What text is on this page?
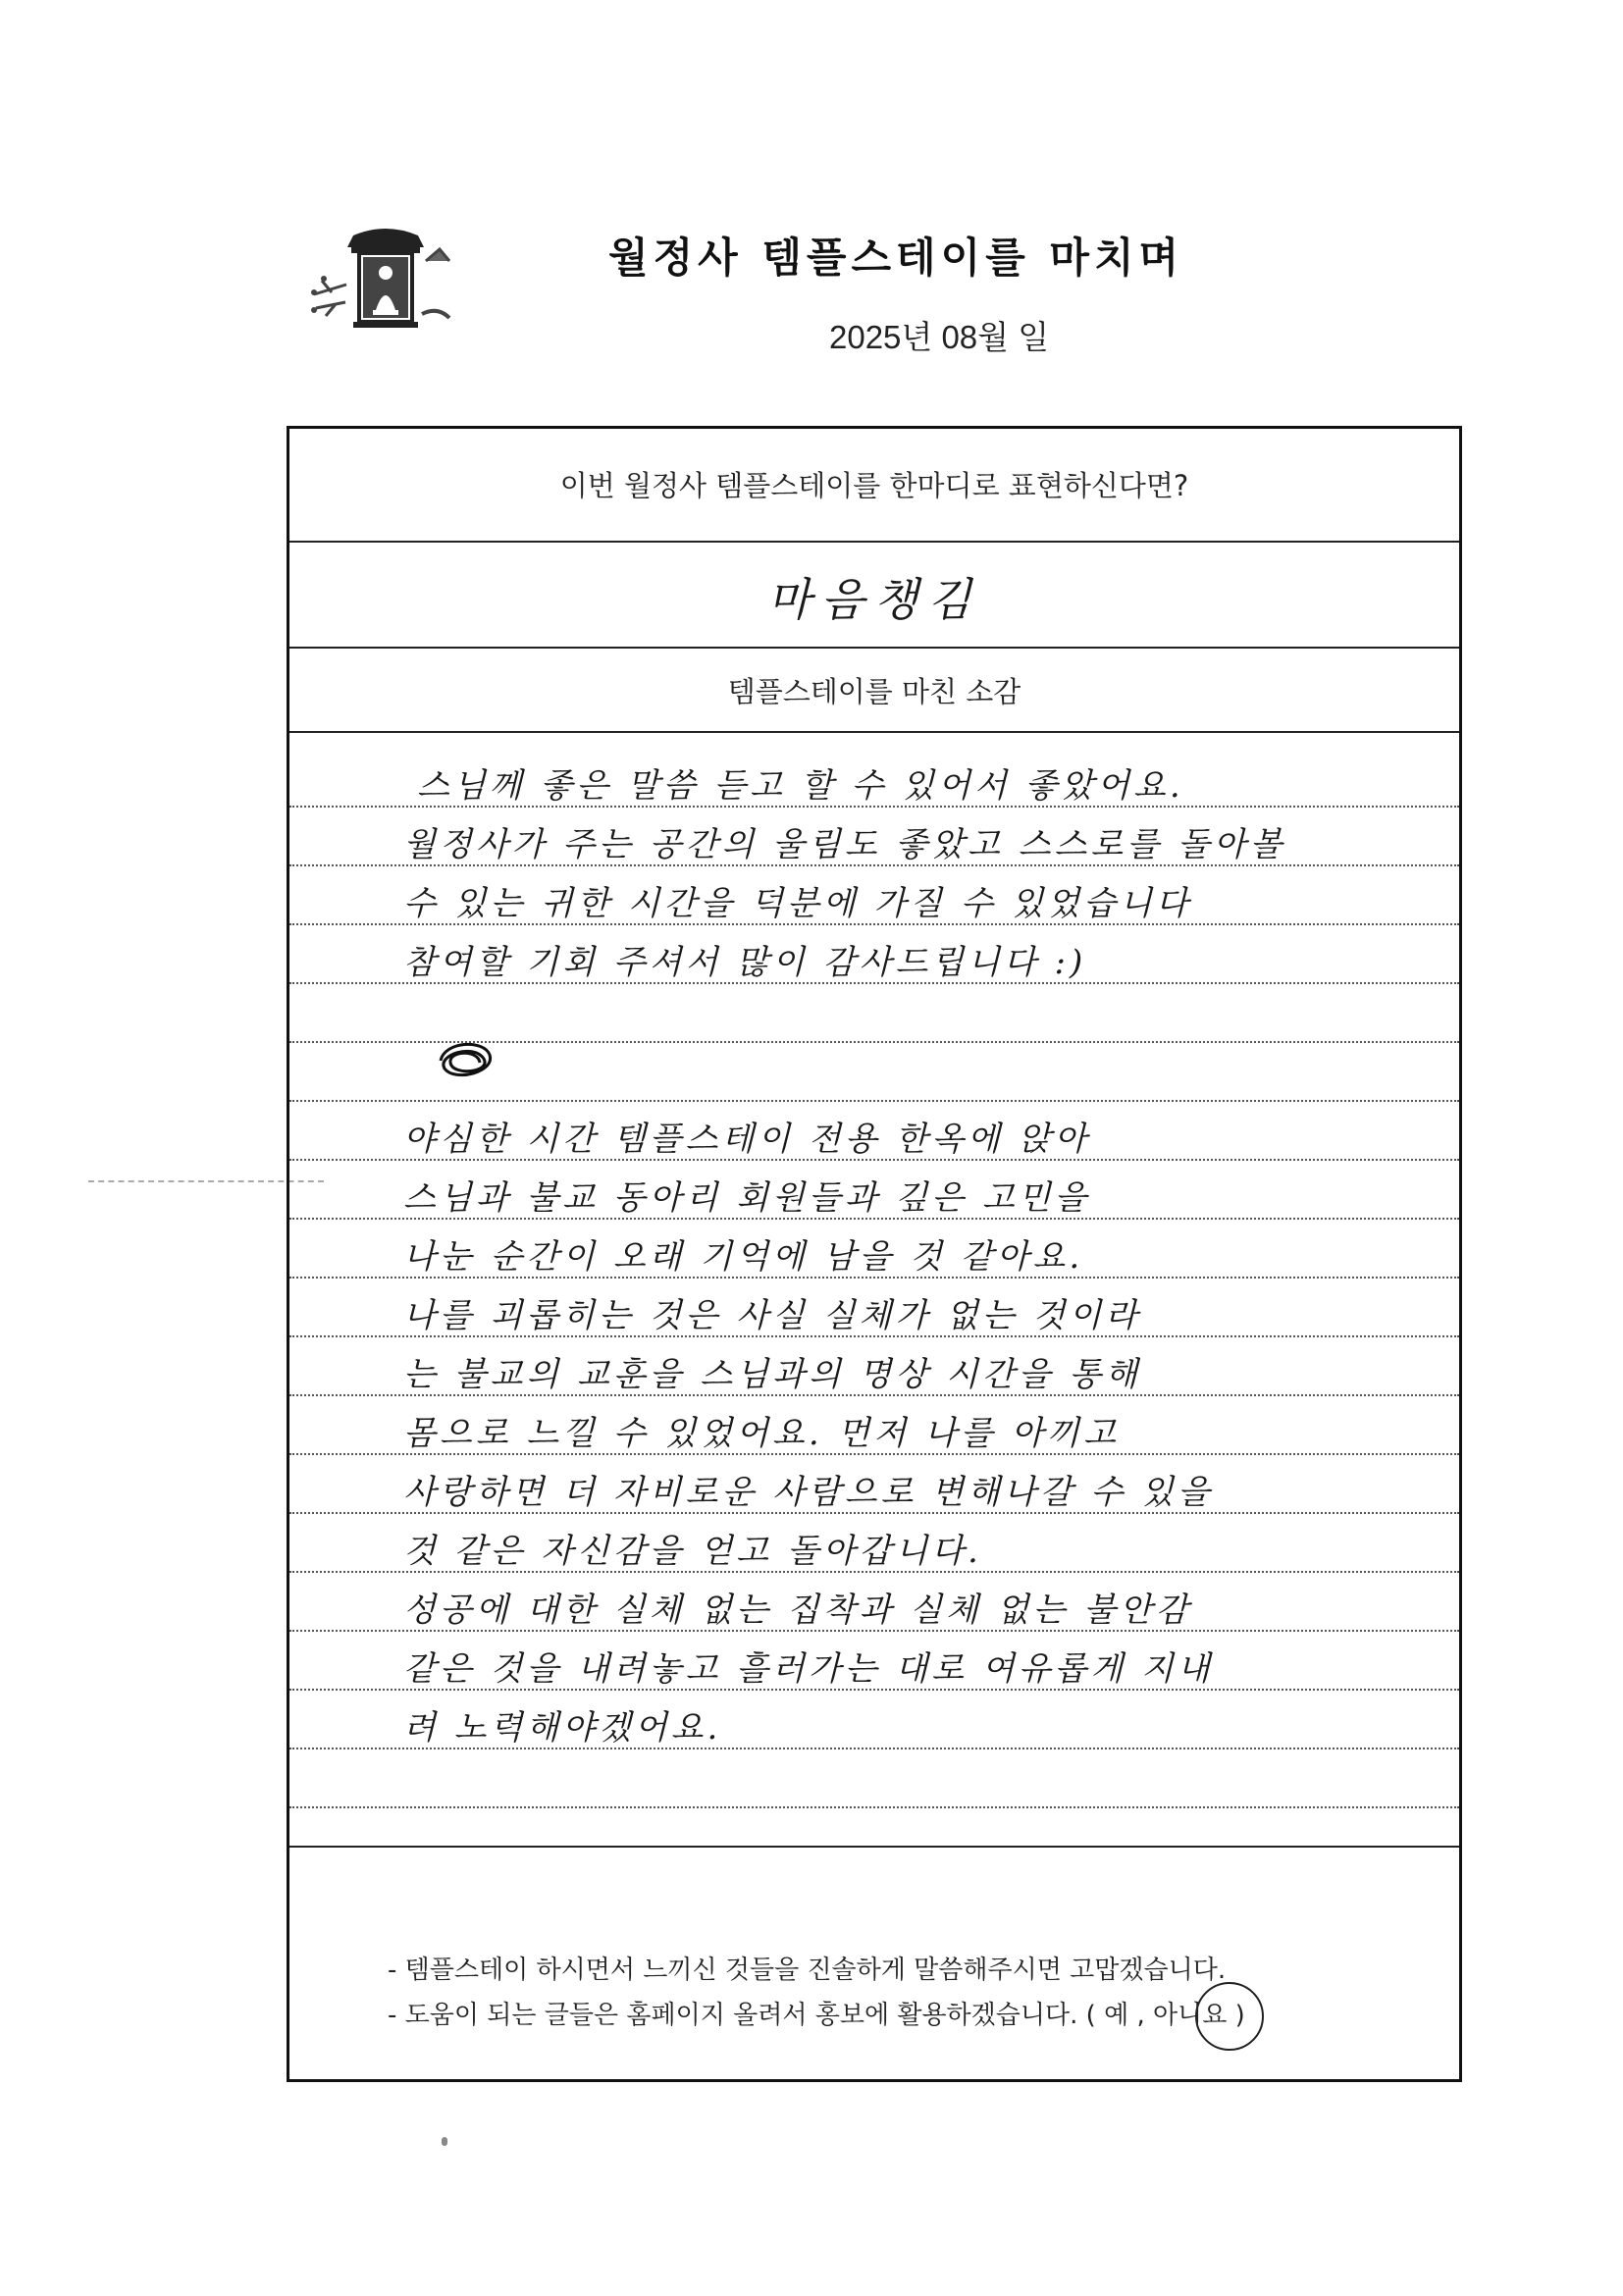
월정사 템플스테이를 마치며
2025년 08월 일
이번 월정사 템플스테이를 한마디로 표현하신다면?
마음챙김
템플스테이를 마친 소감
스님께 좋은 말씀 듣고 할 수 있어서 좋았어요.
월정사가 주는 공간의 울림도 좋았고 스스로를 돌아볼
수 있는 귀한 시간을 덕분에 가질 수 있었습니다
참여할 기회 주셔서 많이 감사드립니다 :)
야심한 시간 템플스테이 전용 한옥에 앉아
스님과 불교 동아리 회원들과 깊은 고민을
나눈 순간이 오래 기억에 남을 것 같아요.
나를 괴롭히는 것은 사실 실체가 없는 것이라
는 불교의 교훈을 스님과의 명상 시간을 통해
몸으로 느낄 수 있었어요. 먼저 나를 아끼고
사랑하면 더 자비로운 사람으로 변해나갈 수 있을
것 같은 자신감을 얻고 돌아갑니다.
성공에 대한 실체 없는 집착과 실체 없는 불안감
같은 것을 내려놓고 흘러가는 대로 여유롭게 지내
려 노력해야겠어요.
- 템플스테이 하시면서 느끼신 것들을 진솔하게 말씀해주시면 고맙겠습니다.
- 도움이 되는 글들은 홈페이지 올려서 홍보에 활용하겠습니다. ( 예 , 아니요 )
